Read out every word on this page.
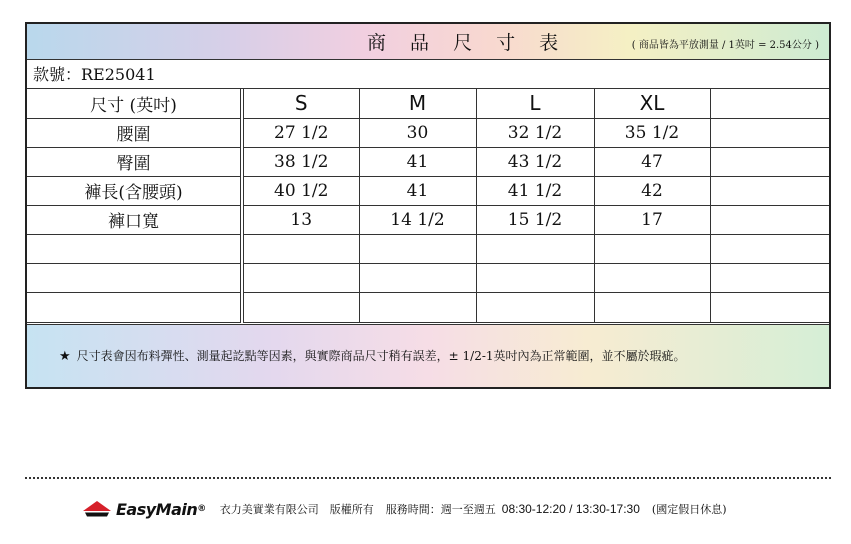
商 品 尺 寸 表	( 商品皆為平放測量 / 1英吋 = 2.54公分 )
款號：RE25041
尺寸 (英吋)	S	M	L	XL	
腰圍	27 1/2	30	32 1/2	35 1/2	
臀圍	38 1/2	41	43 1/2	47	
褲長(含腰頭)	40 1/2	41	41 1/2	42	
褲口寬	13	14 1/2	15 1/2	17	

★ 尺寸表會因布料彈性、測量起訖點等因素，與實際商品尺寸稍有誤差，± 1/2-1英吋內為正常範圍，並不屬於瑕疵。
EasyMain ® 衣力美實業有限公司　版權所有 服務時間：週一至週五 08:30-12:20 / 13:30-17:30 (國定假日休息)
